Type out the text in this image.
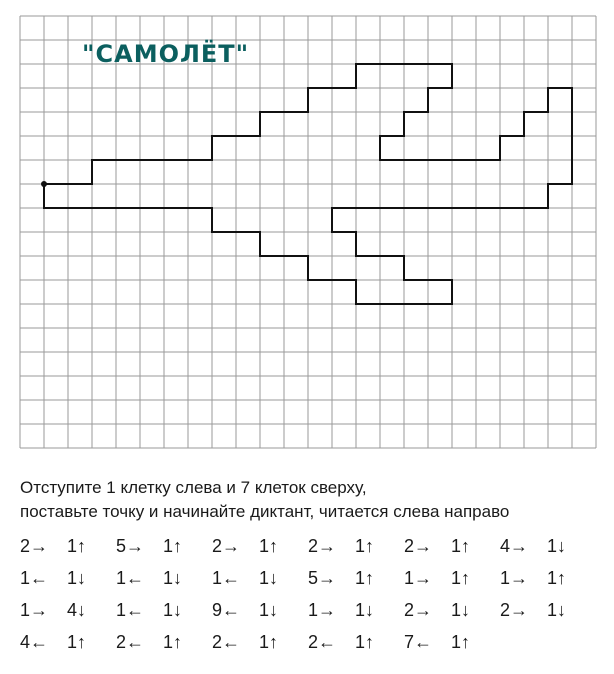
"САМОЛЁТ"
Отступите 1 клетку слева и 7 клеток сверху,
поставьте точку и начинайте диктант, читается слева направо
2→ 1↑ 5→ 1↑ 2→ 1↑ 2→ 1↑ 2→ 1↑ 4→ 1↓
1← 1↓ 1← 1↓ 1← 1↓ 5→ 1↑ 1→ 1↑ 1→ 1↑
1→ 4↓ 1← 1↓ 9← 1↓ 1→ 1↓ 2→ 1↓ 2→ 1↓
4← 1↑ 2← 1↑ 2← 1↑ 2← 1↑ 7← 1↑
